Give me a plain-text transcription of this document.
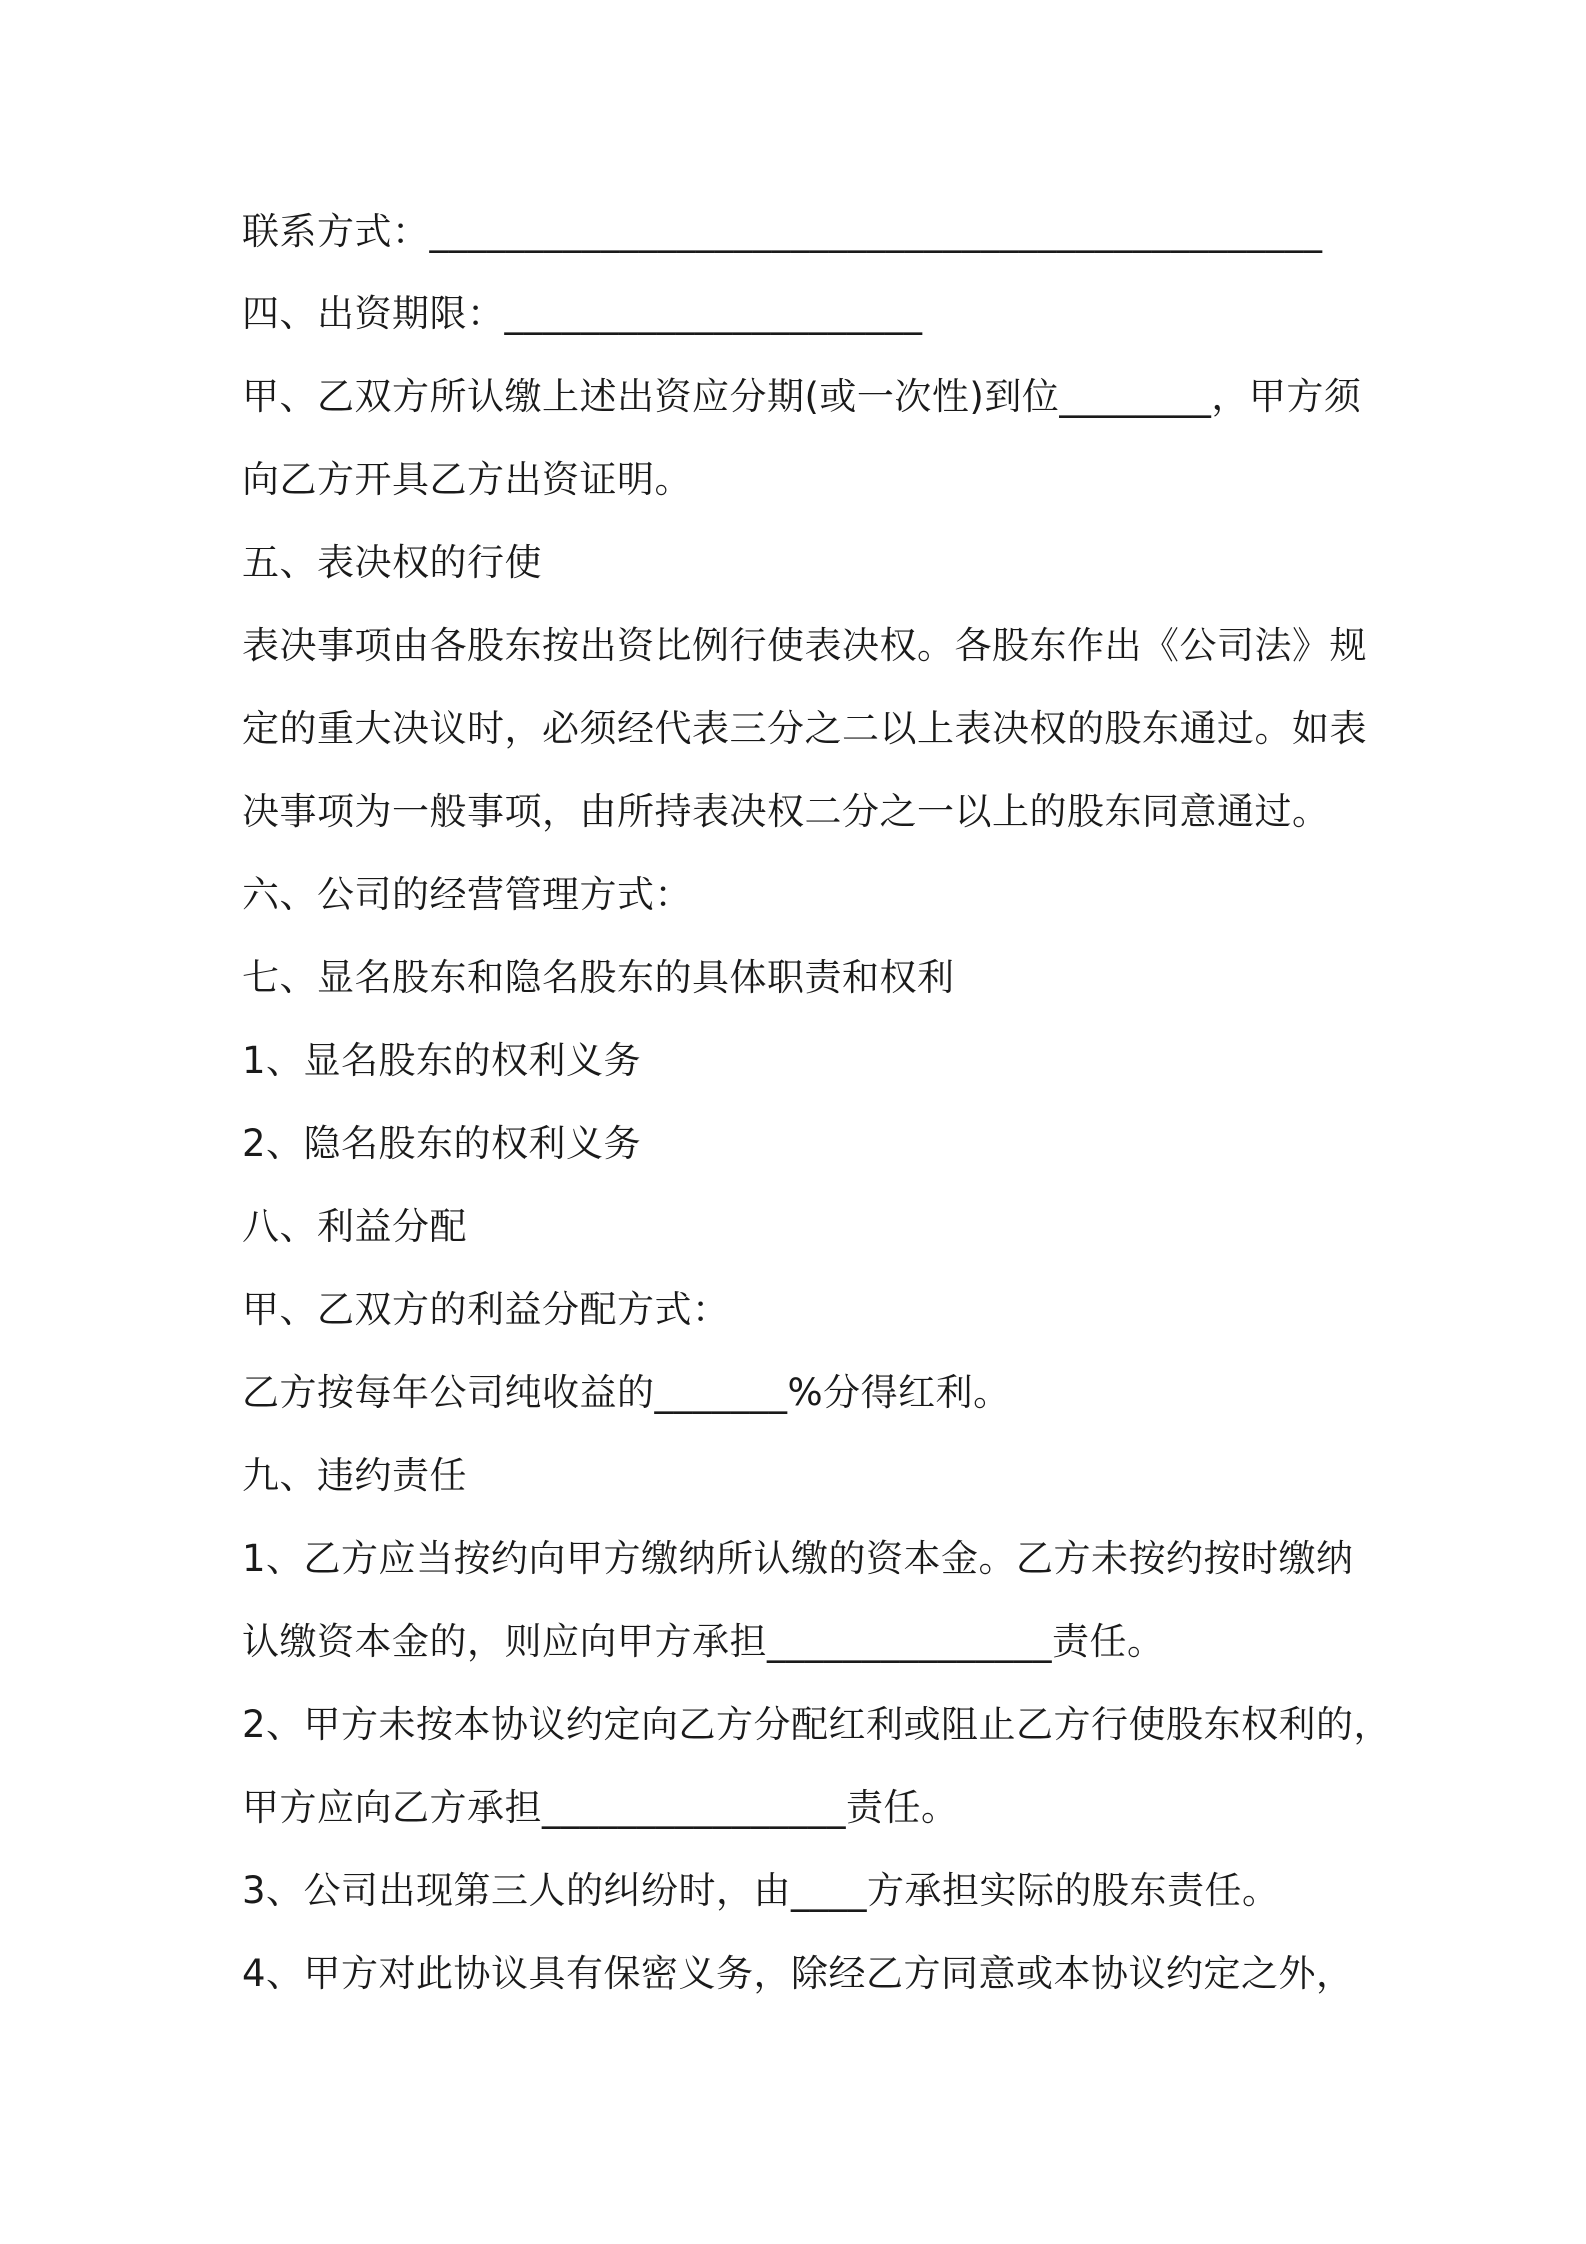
联系方式：_______________________________________________
四、出资期限：______________________
甲、乙双方所认缴上述出资应分期(或一次性)到位________，甲方须
向乙方开具乙方出资证明。
五、表决权的行使
表决事项由各股东按出资比例行使表决权。各股东作出《公司法》规
定的重大决议时，必须经代表三分之二以上表决权的股东通过。如表
决事项为一般事项，由所持表决权二分之一以上的股东同意通过。
六、公司的经营管理方式：
七、显名股东和隐名股东的具体职责和权利
1、显名股东的权利义务
2、隐名股东的权利义务
八、利益分配
甲、乙双方的利益分配方式：
乙方按每年公司纯收益的_______%分得红利。
九、违约责任
1、乙方应当按约向甲方缴纳所认缴的资本金。乙方未按约按时缴纳
认缴资本金的，则应向甲方承担_______________责任。
2、甲方未按本协议约定向乙方分配红利或阻止乙方行使股东权利的，
甲方应向乙方承担________________责任。
3、公司出现第三人的纠纷时，由____方承担实际的股东责任。
4、甲方对此协议具有保密义务，除经乙方同意或本协议约定之外，
